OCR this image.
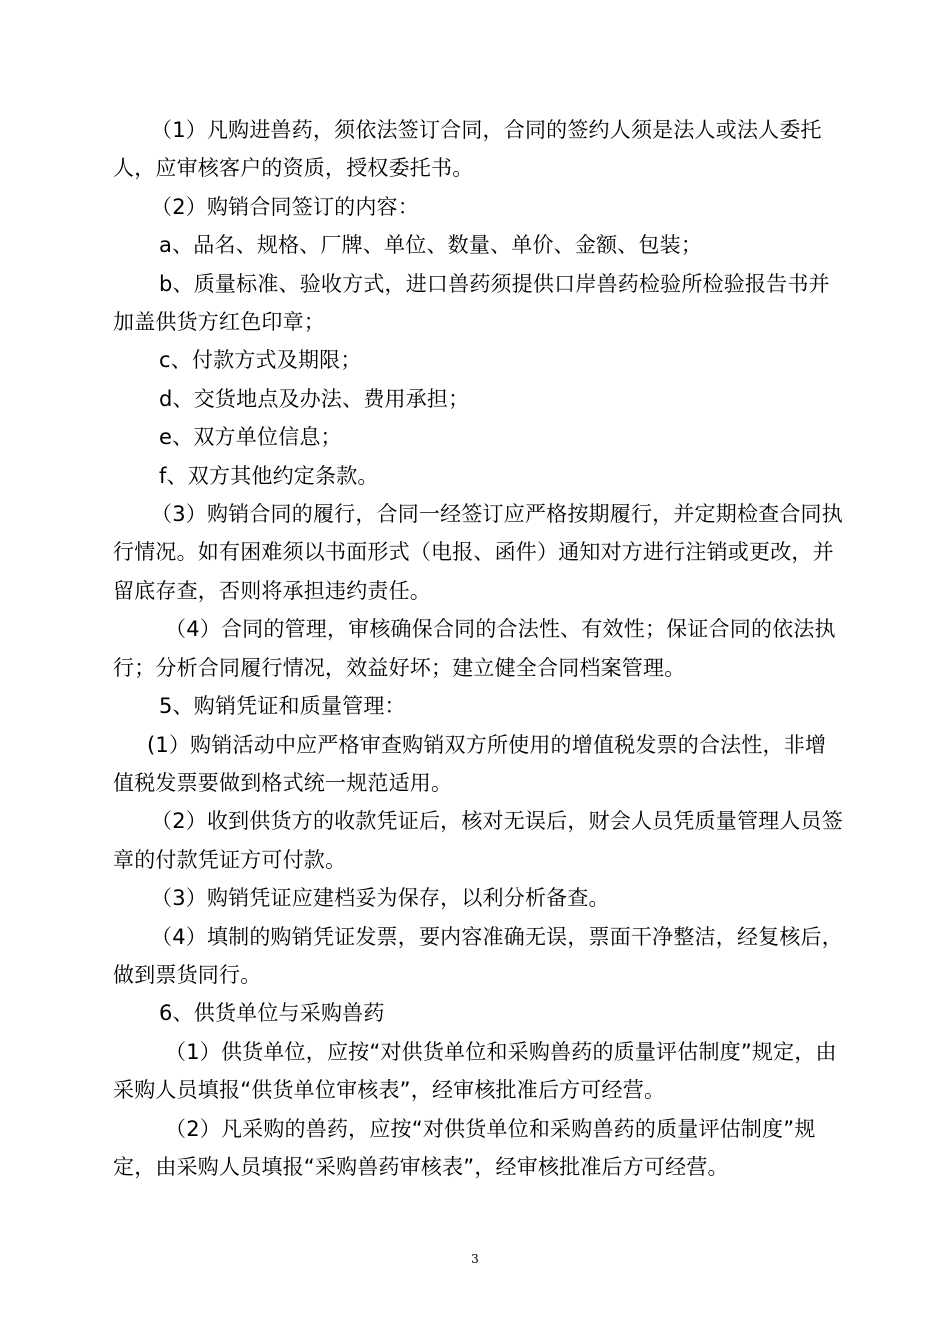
（1）凡购进兽药，须依法签订合同，合同的签约人须是法人或法人委托人，应审核客户的资质，授权委托书。

（2）购销合同签订的内容：

a、品名、规格、厂牌、单位、数量、单价、金额、包装；

b、质量标准、验收方式，进口兽药须提供口岸兽药检验所检验报告书并加盖供货方红色印章；

c、付款方式及期限；

d、交货地点及办法、费用承担；

e、双方单位信息；

f、双方其他约定条款。

（3）购销合同的履行，合同一经签订应严格按期履行，并定期检查合同执行情况。如有困难须以书面形式（电报、函件）通知对方进行注销或更改，并留底存查，否则将承担违约责任。

（4）合同的管理，审核确保合同的合法性、有效性；保证合同的依法执行；分析合同履行情况，效益好坏；建立健全合同档案管理。

5、购销凭证和质量管理：

(1）购销活动中应严格审查购销双方所使用的增值税发票的合法性，非增值税发票要做到格式统一规范适用。

（2）收到供货方的收款凭证后，核对无误后，财会人员凭质量管理人员签章的付款凭证方可付款。

（3）购销凭证应建档妥为保存，以利分析备查。

（4）填制的购销凭证发票，要内容准确无误，票面干净整洁，经复核后，做到票货同行。

6、供货单位与采购兽药

（1）供货单位，应按“对供货单位和采购兽药的质量评估制度”规定，由采购人员填报“供货单位审核表”，经审核批准后方可经营。

（2）凡采购的兽药，应按“对供货单位和采购兽药的质量评估制度”规定，由采购人员填报“采购兽药审核表”，经审核批准后方可经营。

3
